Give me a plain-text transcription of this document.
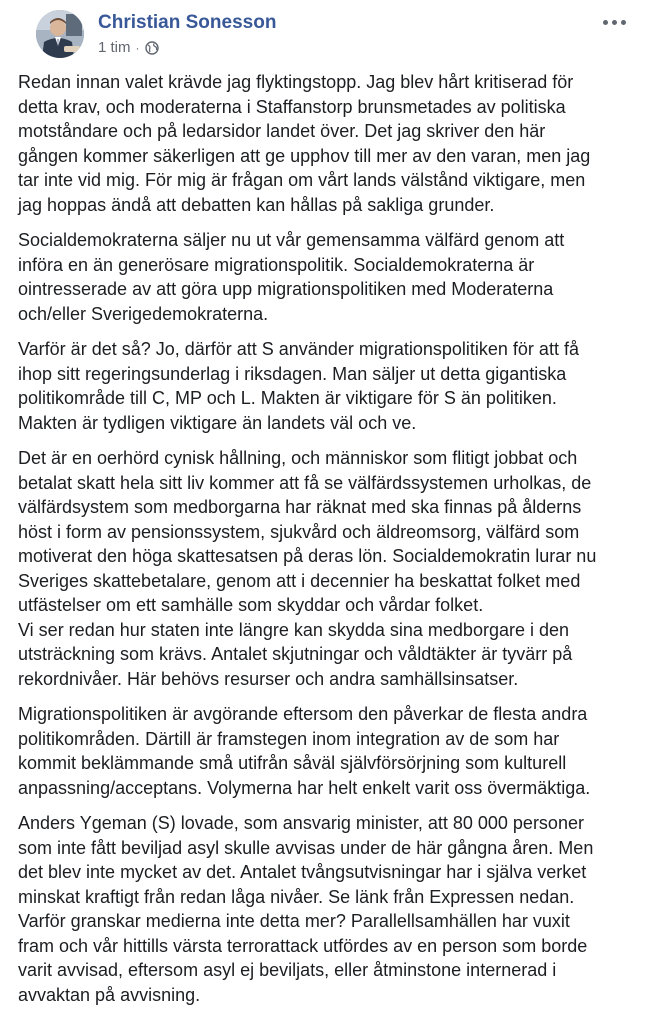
Christian Sonesson
1 tim ·

Redan innan valet krävde jag flyktingstopp. Jag blev hårt kritiserad för
detta krav, och moderaterna i Staffanstorp brunsmetades av politiska
motståndare och på ledarsidor landet över. Det jag skriver den här
gången kommer säkerligen att ge upphov till mer av den varan, men jag
tar inte vid mig. För mig är frågan om vårt lands välstånd viktigare, men
jag hoppas ändå att debatten kan hållas på sakliga grunder.

Socialdemokraterna säljer nu ut vår gemensamma välfärd genom att
införa en än generösare migrationspolitik. Socialdemokraterna är
ointresserade av att göra upp migrationspolitiken med Moderaterna
och/eller Sverigedemokraterna.

Varför är det så? Jo, därför att S använder migrationspolitiken för att få
ihop sitt regeringsunderlag i riksdagen. Man säljer ut detta gigantiska
politikområde till C, MP och L. Makten är viktigare för S än politiken.
Makten är tydligen viktigare än landets väl och ve.

Det är en oerhörd cynisk hållning, och människor som flitigt jobbat och
betalat skatt hela sitt liv kommer att få se välfärdssystemen urholkas, de
välfärdsystem som medborgarna har räknat med ska finnas på ålderns
höst i form av pensionssystem, sjukvård och äldreomsorg, välfärd som
motiverat den höga skattesatsen på deras lön. Socialdemokratin lurar nu
Sveriges skattebetalare, genom att i decennier ha beskattat folket med
utfästelser om ett samhälle som skyddar och vårdar folket.
Vi ser redan hur staten inte längre kan skydda sina medborgare i den
utsträckning som krävs. Antalet skjutningar och våldtäkter är tyvärr på
rekordnivåer. Här behövs resurser och andra samhällsinsatser.

Migrationspolitiken är avgörande eftersom den påverkar de flesta andra
politikområden. Därtill är framstegen inom integration av de som har
kommit beklämmande små utifrån såväl självförsörjning som kulturell
anpassning/acceptans. Volymerna har helt enkelt varit oss övermäktiga.

Anders Ygeman (S) lovade, som ansvarig minister, att 80 000 personer
som inte fått beviljad asyl skulle avvisas under de här gångna åren. Men
det blev inte mycket av det. Antalet tvångsutvisningar har i själva verket
minskat kraftigt från redan låga nivåer. Se länk från Expressen nedan.
Varför granskar medierna inte detta mer? Parallellsamhällen har vuxit
fram och vår hittills värsta terrorattack utfördes av en person som borde
varit avvisad, eftersom asyl ej beviljats, eller åtminstone internerad i
avvaktan på avvisning.
